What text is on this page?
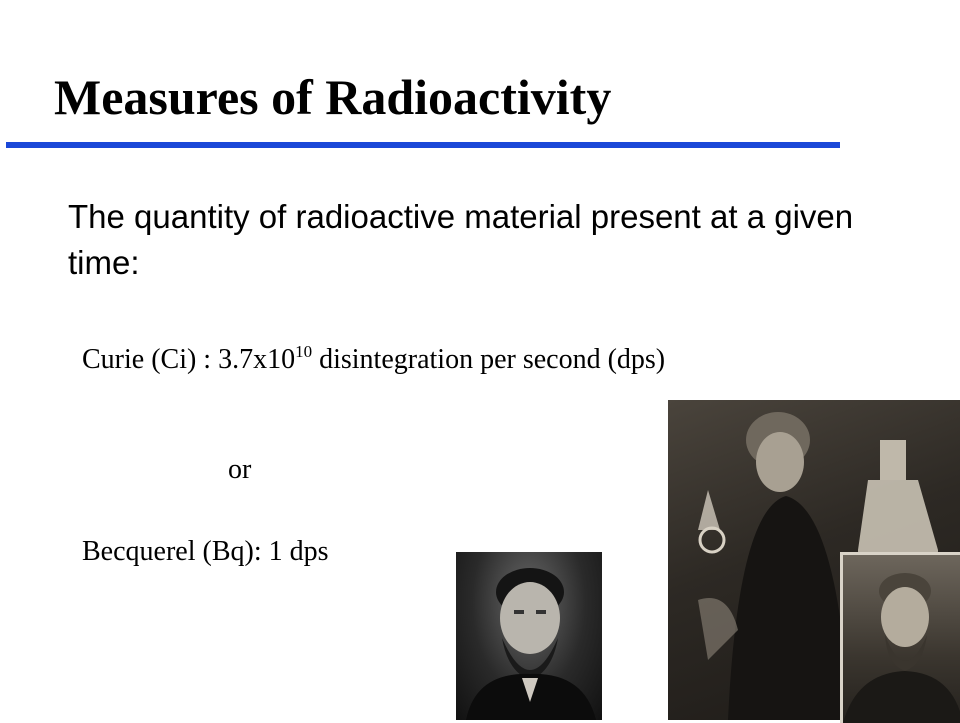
Measures of Radioactivity
The quantity of radioactive material present at a given time:
Curie (Ci) : $3.7x10^{10}$ disintegration per second (dps)
or
Becquerel (Bq): 1 dps
